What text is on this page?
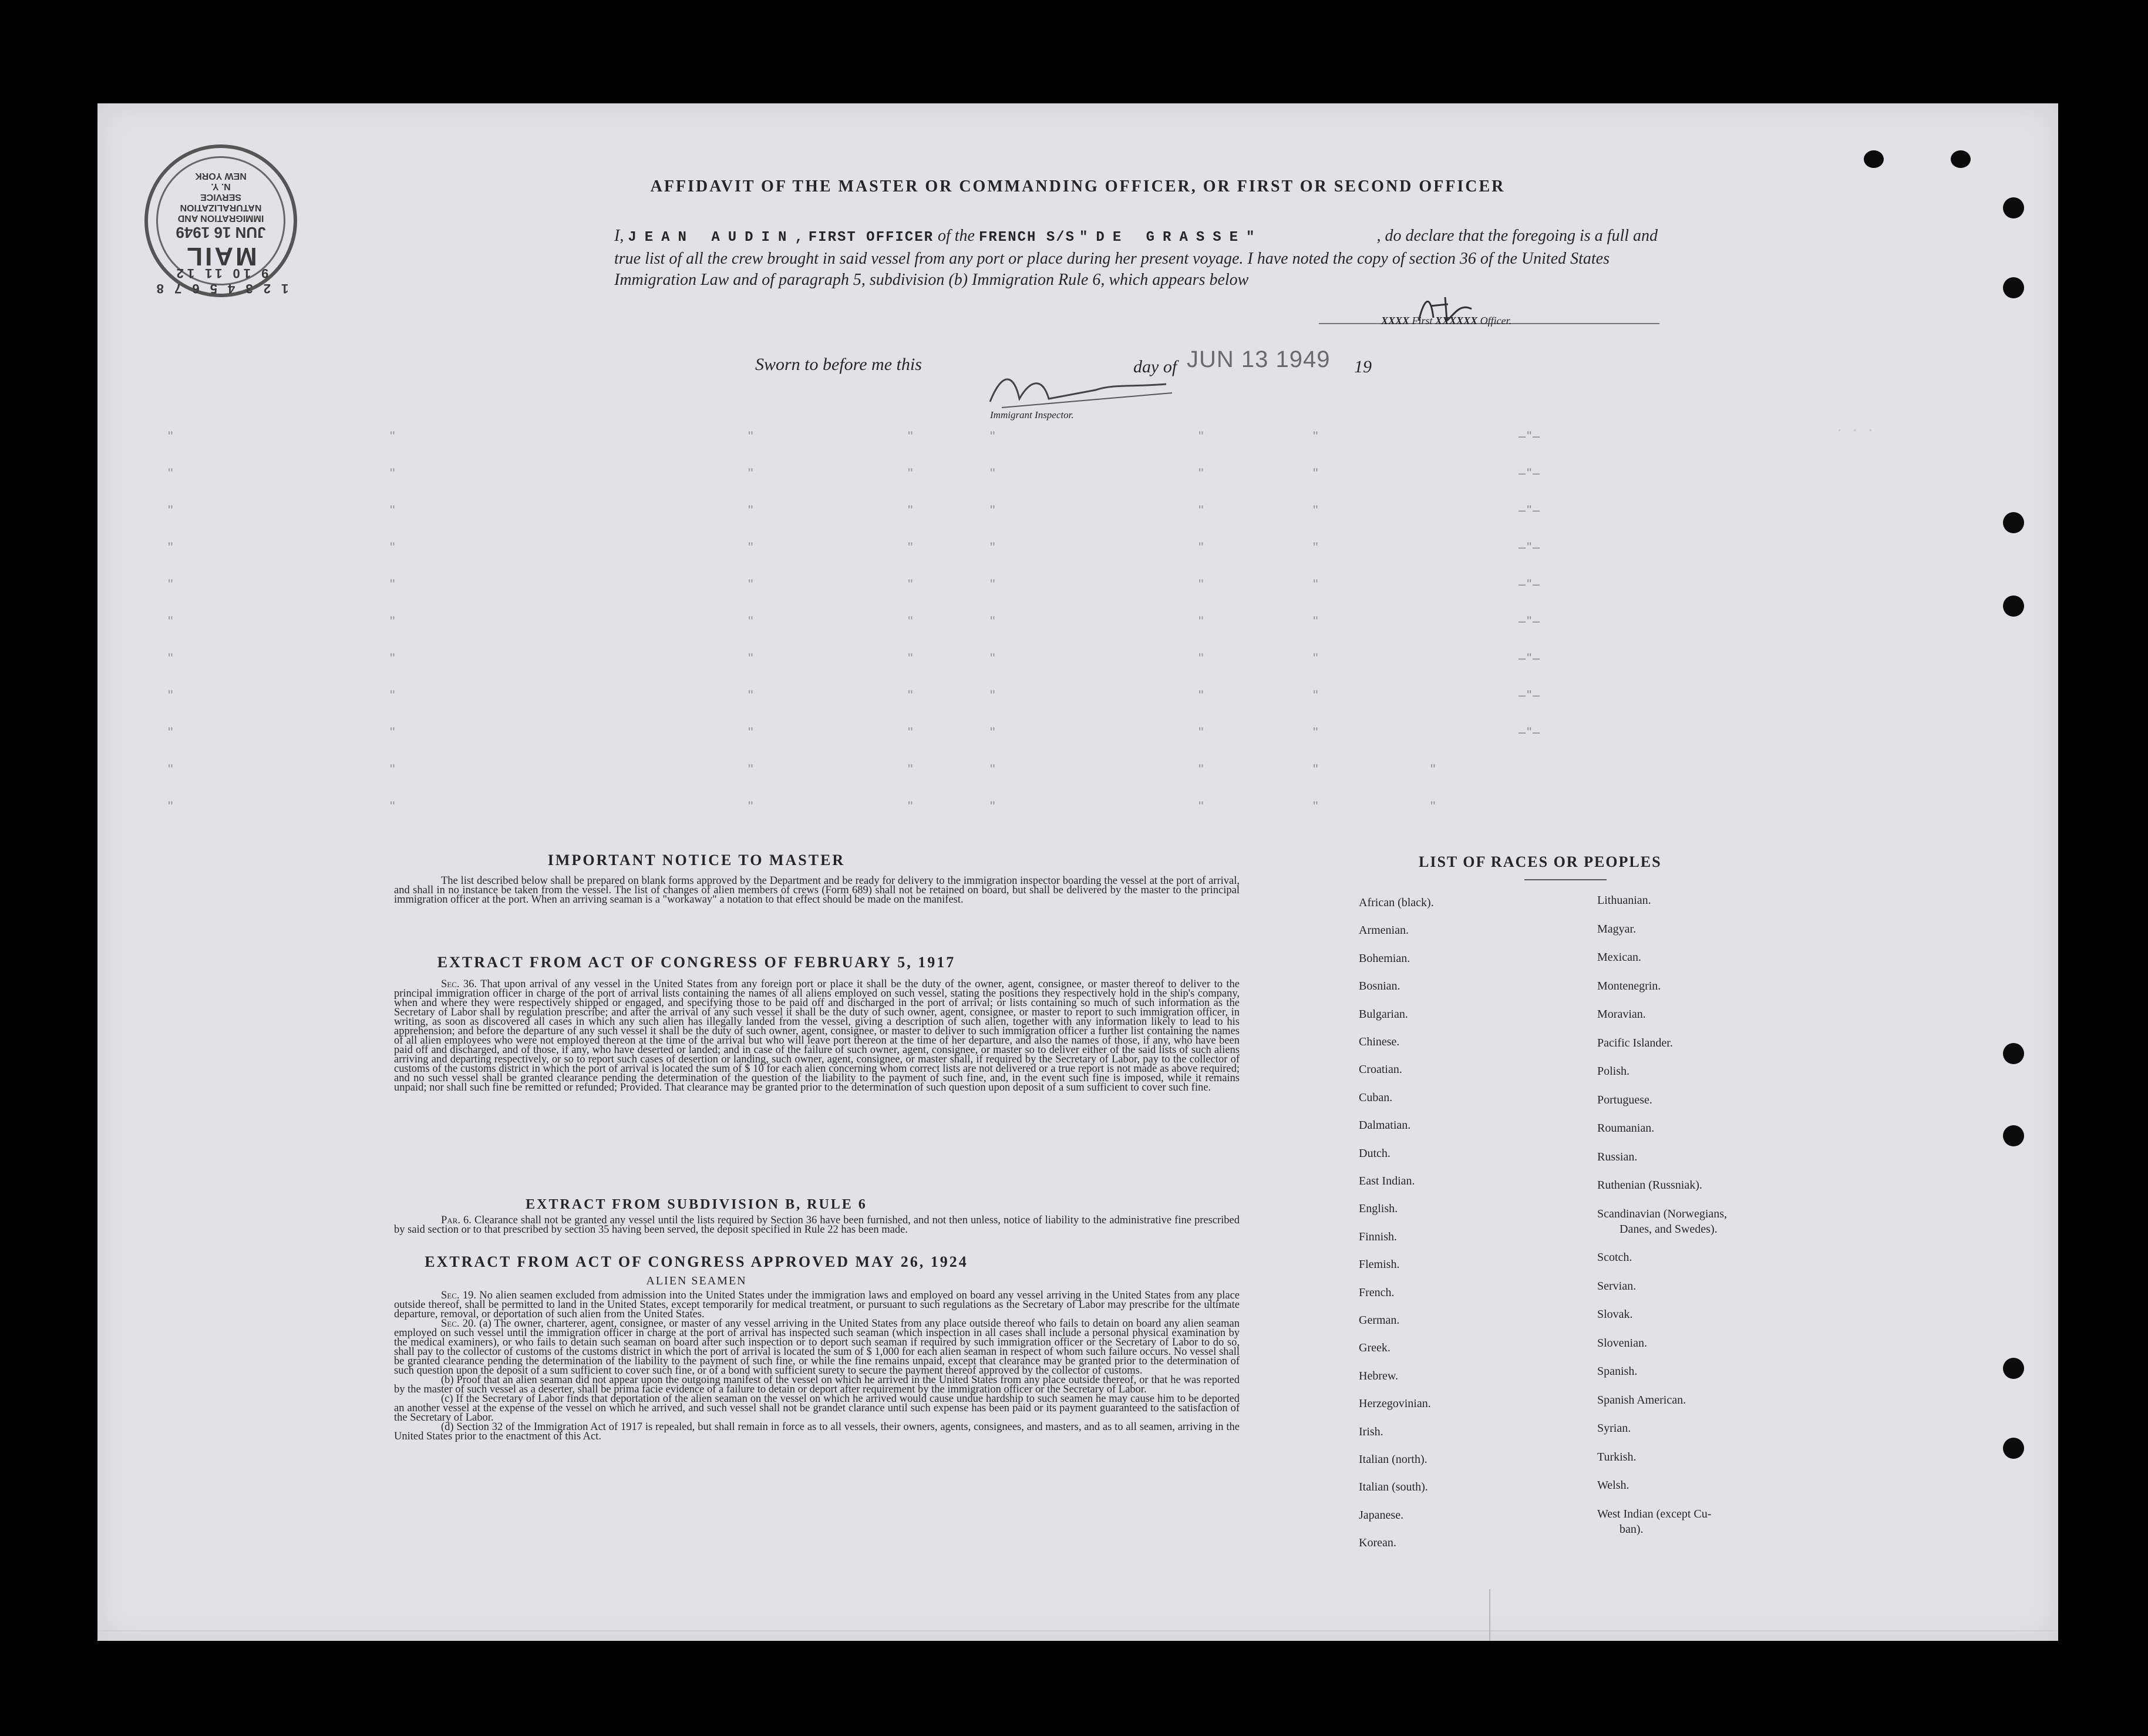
1 2 3 4 5 6 7 8 9 10 11 12
MAIL
JUN 16 1949
IMMIGRATION AND
NATURALIZATION
SERVICE
N. Y.
NEW YORK
. . .
AFFIDAVIT OF THE MASTER OR COMMANDING OFFICER, OR FIRST OR SECOND OFFICER
I, JEAN AUDIN, FIRST OFFICER of the FRENCH S/S "DE GRASSE"	, do declare that the foregoing is a full and true list of all the crew brought in said vessel from any port or place during her present voyage. I have noted the copy of section 36 of the United States Immigration Law and of paragraph 5, subdivision (b) Immigration Rule 6, which appears below
XXXX First XXXXXX Officer.
Sworn to before me this	day of JUN 13 1949 19
Immigrant Inspector.
"	"	"	"	"	"	"	–"–
"	"	"	"	"	"	"	–"–
"	"	"	"	"	"	"	–"–
"	"	"	"	"	"	"	–"–
"	"	"	"	"	"	"	–"–
"	"	"	"	"	"	"	–"–
"	"	"	"	"	"	"	–"–
"	"	"	"	"	"	"	–"–
"	"	"	"	"	"	"	–"–
"	"	"	"	"	"	"	"
"	"	"	"	"	"	"	"
IMPORTANT NOTICE TO MASTER
The list described below shall be prepared on blank forms approved by the Department and be ready for delivery to the immigration inspector boarding the vessel at the port of arrival, and shall in no instance be taken from the vessel. The list of changes of alien members of crews (Form 689) shall not be retained on board, but shall be delivered by the master to the principal immigration officer at the port. When an arriving seaman is a "workaway" a notation to that effect should be made on the manifest.
EXTRACT FROM ACT OF CONGRESS OF FEBRUARY 5, 1917
Sec. 36. That upon arrival of any vessel in the United States from any foreign port or place it shall be the duty of the owner, agent, consignee, or master thereof to deliver to the principal immigration officer in charge of the port of arrival lists containing the names of all aliens employed on such vessel, stating the positions they respectively hold in the ship's company, when and where they were respectively shipped or engaged, and specifying those to be paid off and discharged in the port of arrival; or lists containing so much of such information as the Secretary of Labor shall by regulation prescribe; and after the arrival of any such vessel it shall be the duty of such owner, agent, consignee, or master to report to such immigration officer, in writing, as soon as discovered all cases in which any such alien has illegally landed from the vessel, giving a description of such alien, together with any information likely to lead to his apprehension; and before the departure of any such vessel it shall be the duty of such owner, agent, consignee, or master to deliver to such immigration officer a further list containing the names of all alien employees who were not employed thereon at the time of the arrival but who will leave port thereon at the time of her departure, and also the names of those, if any, who have been paid off and discharged, and of those, if any, who have deserted or landed; and in case of the failure of such owner, agent, consignee, or master so to deliver either of the said lists of such aliens arriving and departing respectively, or so to report such cases of desertion or landing, such owner, agent, consignee, or master shall, if required by the Secretary of Labor, pay to the collector of customs of the customs district in which the port of arrival is located the sum of $ 10 for each alien concerning whom correct lists are not delivered or a true report is not made as above required; and no such vessel shall be granted clearance pending the determination of the question of the liability to the payment of such fine, and, in the event such fine is imposed, while it remains unpaid; nor shall such fine be remitted or refunded; Provided. That clearance may be granted prior to the determination of such question upon deposit of a sum sufficient to cover such fine.
EXTRACT FROM SUBDIVISION B, RULE 6
Par. 6. Clearance shall not be granted any vessel until the lists required by Section 36 have been furnished, and not then unless, notice of liability to the administrative fine prescribed by said section or to that prescribed by section 35 having been served, the deposit specified in Rule 22 has been made.
EXTRACT FROM ACT OF CONGRESS APPROVED MAY 26, 1924
ALIEN SEAMEN
Sec. 19. No alien seamen excluded from admission into the United States under the immigration laws and employed on board any vessel arriving in the United States from any place outside thereof, shall be permitted to land in the United States, except temporarily for medical treatment, or pursuant to such regulations as the Secretary of Labor may prescribe for the ultimate departure, removal, or deportation of such alien from the United States.
Sec. 20. (a) The owner, charterer, agent, consignee, or master of any vessel arriving in the United States from any place outside thereof who fails to detain on board any alien seaman employed on such vessel until the immigration officer in charge at the port of arrival has inspected such seaman (which inspection in all cases shall include a personal physical examination by the medical examiners), or who fails to detain such seaman on board after such inspection or to deport such seaman if required by such immigration officer or the Secretary of Labor to do so, shall pay to the collector of customs of the customs district in which the port of arrival is located the sum of $ 1,000 for each alien seaman in respect of whom such failure occurs. No vessel shall be granted clearance pending the determination of the liability to the payment of such fine, or while the fine remains unpaid, except that clearance may be granted prior to the determination of such question upon the deposit of a sum sufficient to cover such fine, or of a bond with sufficient surety to secure the payment thereof approved by the collector of customs.
(b) Proof that an alien seaman did not appear upon the outgoing manifest of the vessel on which he arrived in the United States from any place outside thereof, or that he was reported by the master of such vessel as a deserter, shall be prima facie evidence of a failure to detain or deport after requirement by the immigration officer or the Secretary of Labor.
(c) If the Secretary of Labor finds that deportation of the alien seaman on the vessel on which he arrived would cause undue hardship to such seamen he may cause him to be deported an another vessel at the expense of the vessel on which he arrived, and such vessel shall not be grandet clarance until such expense has been paid or its payment guaranteed to the satisfaction of the Secretary of Labor.
(d) Section 32 of the Immigration Act of 1917 is repealed, but shall remain in force as to all vessels, their owners, agents, consignees, and masters, and as to all seamen, arriving in the United States prior to the enactment of this Act.
LIST OF RACES OR PEOPLES
African (black).
Armenian.
Bohemian.
Bosnian.
Bulgarian.
Chinese.
Croatian.
Cuban.
Dalmatian.
Dutch.
East Indian.
English.
Finnish.
Flemish.
French.
German.
Greek.
Hebrew.
Herzegovinian.
Irish.
Italian (north).
Italian (south).
Japanese.
Korean.
Lithuanian.
Magyar.
Mexican.
Montenegrin.
Moravian.
Pacific Islander.
Polish.
Portuguese.
Roumanian.
Russian.
Ruthenian (Russniak).
Scandinavian (Norwegians,
Danes, and Swedes).
Scotch.
Servian.
Slovak.
Slovenian.
Spanish.
Spanish American.
Syrian.
Turkish.
Welsh.
West Indian (except Cu-
ban).
